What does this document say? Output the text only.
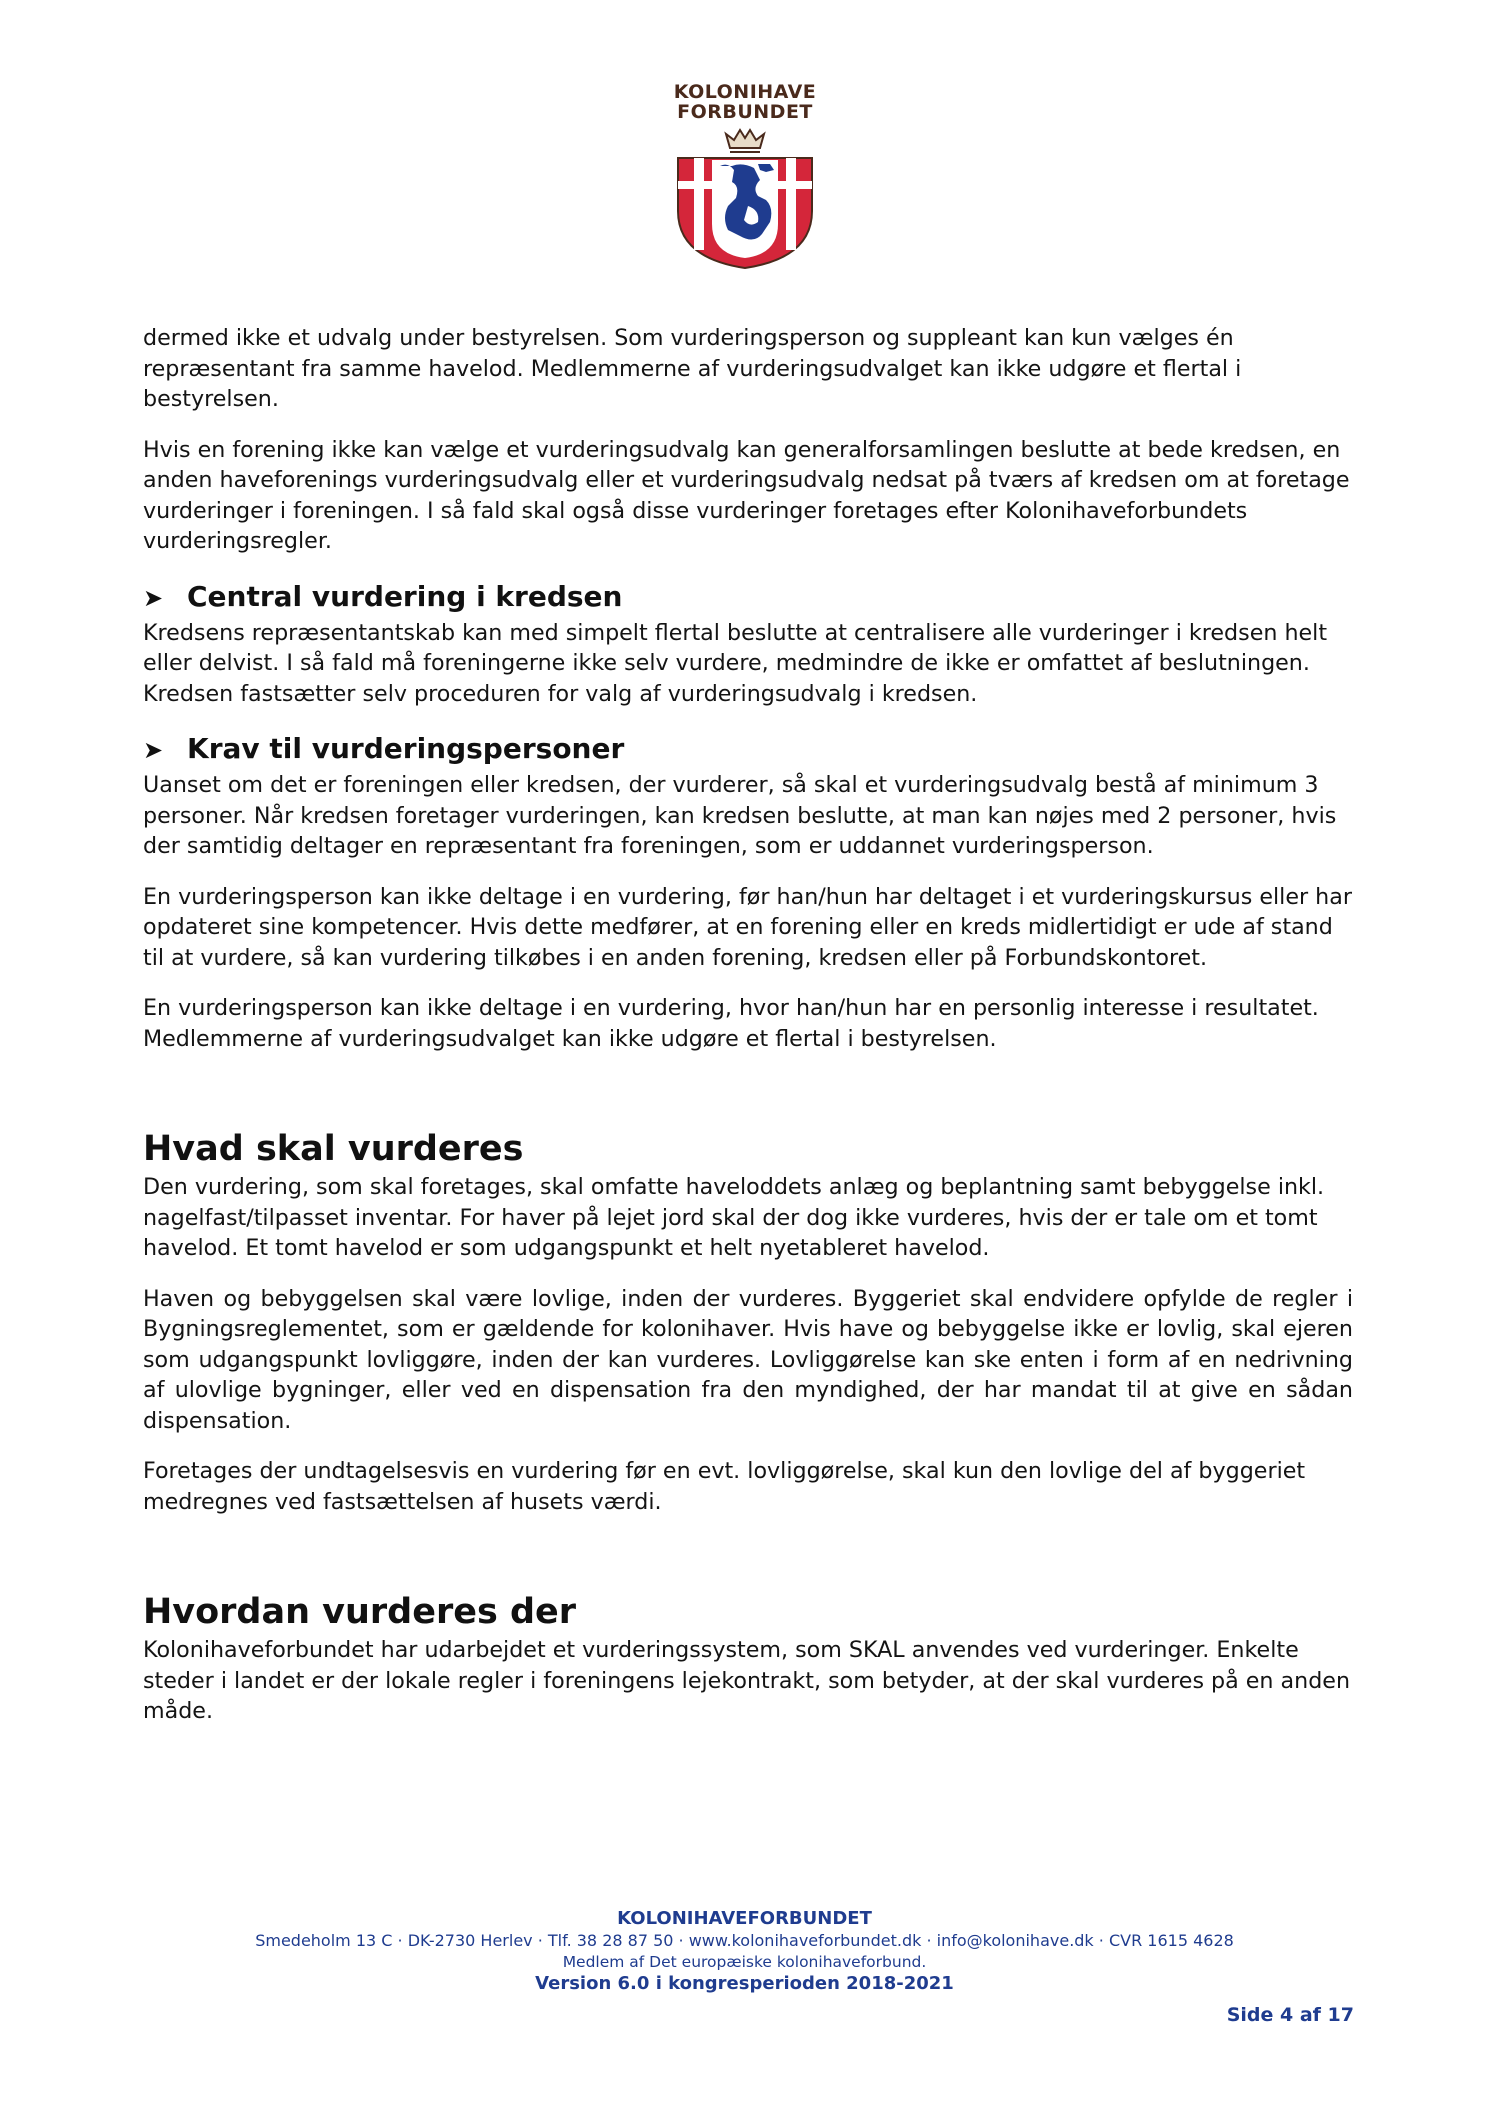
KOLONIHAVE
FORBUNDET

dermed ikke et udvalg under bestyrelsen. Som vurderingsperson og suppleant kan kun vælges én repræsentant fra samme havelod. Medlemmerne af vurderingsudvalget kan ikke udgøre et flertal i bestyrelsen.

Hvis en forening ikke kan vælge et vurderingsudvalg kan generalforsamlingen beslutte at bede kredsen, en anden haveforenings vurderingsudvalg eller et vurderingsudvalg nedsat på tværs af kredsen om at foretage vurderinger i foreningen. I så fald skal også disse vurderinger foretages efter Kolonihaveforbundets vurderingsregler.

➤ Central vurdering i kredsen

Kredsens repræsentantskab kan med simpelt flertal beslutte at centralisere alle vurderinger i kredsen helt eller delvist. I så fald må foreningerne ikke selv vurdere, medmindre de ikke er omfattet af beslutningen. Kredsen fastsætter selv proceduren for valg af vurderingsudvalg i kredsen.

➤ Krav til vurderingspersoner

Uanset om det er foreningen eller kredsen, der vurderer, så skal et vurderingsudvalg bestå af minimum 3 personer. Når kredsen foretager vurderingen, kan kredsen beslutte, at man kan nøjes med 2 personer, hvis der samtidig deltager en repræsentant fra foreningen, som er uddannet vurderingsperson.

En vurderingsperson kan ikke deltage i en vurdering, før han/hun har deltaget i et vurderingskursus eller har opdateret sine kompetencer. Hvis dette medfører, at en forening eller en kreds midlertidigt er ude af stand til at vurdere, så kan vurdering tilkøbes i en anden forening, kredsen eller på Forbundskontoret.

En vurderingsperson kan ikke deltage i en vurdering, hvor han/hun har en personlig interesse i resultatet. Medlemmerne af vurderingsudvalget kan ikke udgøre et flertal i bestyrelsen.

Hvad skal vurderes

Den vurdering, som skal foretages, skal omfatte haveloddets anlæg og beplantning samt bebyggelse inkl. nagelfast/tilpasset inventar. For haver på lejet jord skal der dog ikke vurderes, hvis der er tale om et tomt havelod. Et tomt havelod er som udgangspunkt et helt nyetableret havelod.

Haven og bebyggelsen skal være lovlige, inden der vurderes. Byggeriet skal endvidere opfylde de regler i Bygningsreglementet, som er gældende for kolonihaver. Hvis have og bebyggelse ikke er lovlig, skal ejeren som udgangspunkt lovliggøre, inden der kan vurderes. Lovliggørelse kan ske enten i form af en nedrivning af ulovlige bygninger, eller ved en dispensation fra den myndighed, der har mandat til at give en sådan dispensation.

Foretages der undtagelsesvis en vurdering før en evt. lovliggørelse, skal kun den lovlige del af byggeriet medregnes ved fastsættelsen af husets værdi.

Hvordan vurderes der

Kolonihaveforbundet har udarbejdet et vurderingssystem, som SKAL anvendes ved vurderinger. Enkelte steder i landet er der lokale regler i foreningens lejekontrakt, som betyder, at der skal vurderes på en anden måde.

KOLONIHAVEFORBUNDET
Smedeholm 13 C · DK-2730 Herlev · Tlf. 38 28 87 50 · www.kolonihaveforbundet.dk · info@kolonihave.dk · CVR 1615 4628
Medlem af Det europæiske kolonihaveforbund.
Version 6.0 i kongresperioden 2018-2021
Side 4 af 17
